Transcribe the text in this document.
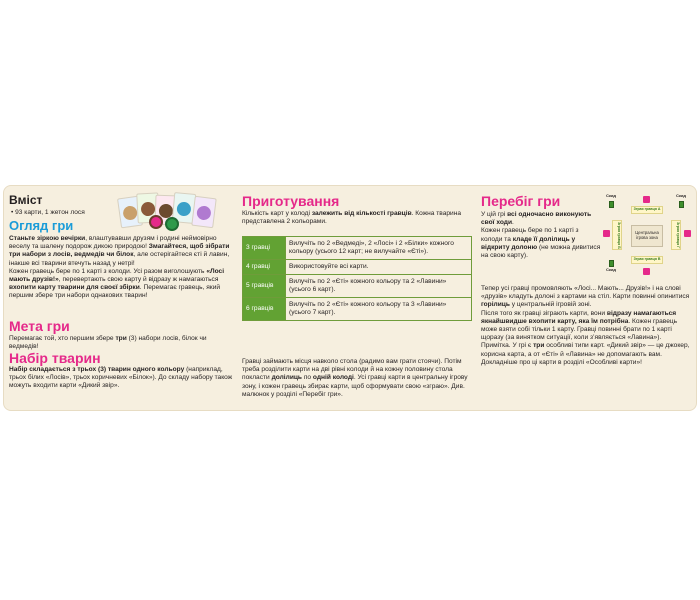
Вміст

• 93 карти, 1 жетон лося

Огляд гри

Станьте зіркою вечірки, влаштувавши друзям і родині неймовірно веселу та шалену подорож дикою природою! Змагайтеся, щоб зібрати три набори з лосів, ведмедів чи білок, але остерігайтеся єті й лавин, інакше всі тварини втечуть назад у нетрі!

Кожен гравець бере по 1 карті з колоди. Усі разом виголошують «Лосі мають друзів!», перевертають свою карту й відразу ж намагаються вхопити карту тварини для своєї збірки. Перемагає гравець, який першим збере три набори однакових тварин!

Мета гри

Перемагає той, хто першим збере три (3) набори лосів, білок чи ведмедів!

Набір тварин

Набір складається з трьох (3) тварин одного кольору (наприклад, трьох білих «Лосів», трьох коричневих «Білок»). До складу набору також можуть входити карти «Дикий звір».

Приготування

Кількість карт у колоді залежить від кількості гравців. Кожна тварина представлена 2 кольорами.

3 гравці	Вилучіть по 2 «Ведмеді», 2 «Лосі» і 2 «Білки» кожного кольору (усього 12 карт; не вилучайте «Єті»).
4 гравці	Використовуйте всі карти.
5 гравців	Вилучіть по 2 «Єті» кожного кольору та 2 «Лавини» (усього 6 карт).
6 гравців	Вилучіть по 2 «Єті» кожного кольору та 3 «Лавини» (усього 7 карт).

Гравці займають місця навколо стола (радимо вам грати стоячи). Потім треба розділити карти на дві рівні колоди й на кожну половину стола покласти долілиць по одній колоді. Усі гравці карти в центральну ігрову зону, і кожен гравець збирає карти, щоб сформувати свою «зграю». Див. малюнок у розділі «Перебіг гри».

Перебіг гри

У цій грі всі одночасно виконують свої ходи.

Кожен гравець бере по 1 карті з колоди та кладе її долілиць у відкриту долоню (не можна дивитися на свою карту).

Скид	Скид
Скид
Зграя гравця А
Зграя гравця В
Зграя гравця Б	Зграя гравця Г
Центральна ігрова зона

Тепер усі гравці промовляють «Лосі... Мають... Друзів!» і на слові «друзів» кладуть долоні з картами на стіл. Карти повинні опинитися горілиць у центральній ігровій зоні.

Після того як гравці зіграють карти, вони відразу намагаються якнайшвидше вхопити карту, яка їм потрібна. Кожен гравець може взяти собі тільки 1 карту. Гравці повинні брати по 1 карті щоразу (за винятком ситуації, коли з’являється «Лавина»).

Примітка. У грі є три особливі типи карт. «Дикий звір» — це джокер, корисна карта, а от «Єті» й «Лавина» не допомагають вам. Докладніше про ці карти в розділі «Особливі карти»!
